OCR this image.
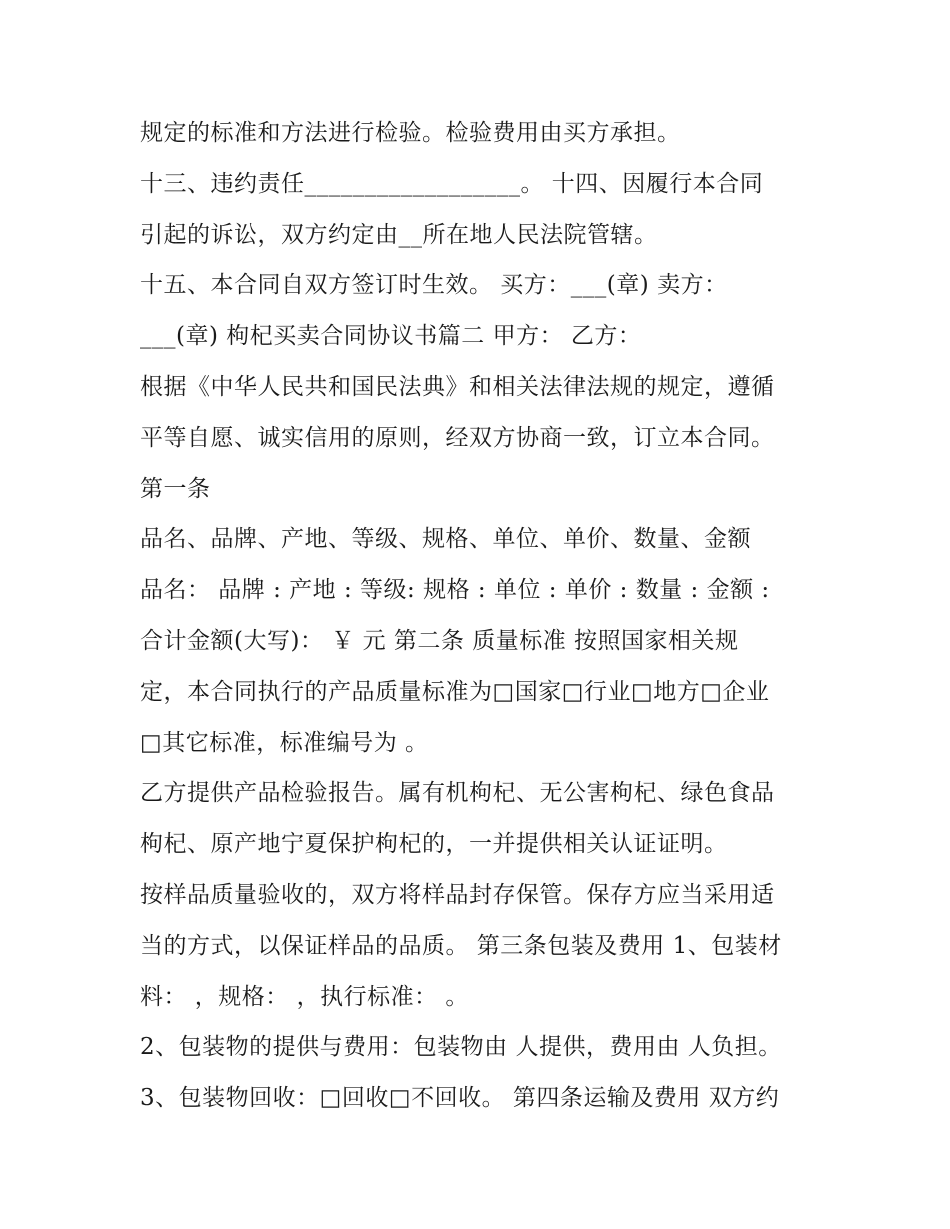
规定的标准和方法进行检验。检验费用由买方承担。
十三、违约责任__________________。 十四、因履行本合同
引起的诉讼，双方约定由__所在地人民法院管辖。
十五、本合同自双方签订时生效。 买方：___(章) 卖方：
___(章) 枸杞买卖合同协议书篇二 甲方： 乙方：
根据《中华人民共和国民法典》和相关法律法规的规定，遵循
平等自愿、诚实信用的原则，经双方协商一致，订立本合同。
第一条
品名、品牌、产地、等级、规格、单位、单价、数量、金额
品名： 品牌 : 产地 : 等级: 规格 : 单位 : 单价 : 数量 : 金额 :
合计金额(大写)： ￥ 元 第二条 质量标准 按照国家相关规
定，本合同执行的产品质量标准为□国家□行业□地方□企业
□其它标准，标准编号为 。
乙方提供产品检验报告。属有机枸杞、无公害枸杞、绿色食品
枸杞、原产地宁夏保护枸杞的，一并提供相关认证证明。
按样品质量验收的，双方将样品封存保管。保存方应当采用适
当的方式，以保证样品的品质。 第三条包装及费用 1、包装材
料： ，规格： ，执行标准： 。
2、包装物的提供与费用：包装物由 人提供，费用由 人负担。
3、包装物回收：□回收□不回收。 第四条运输及费用 双方约
